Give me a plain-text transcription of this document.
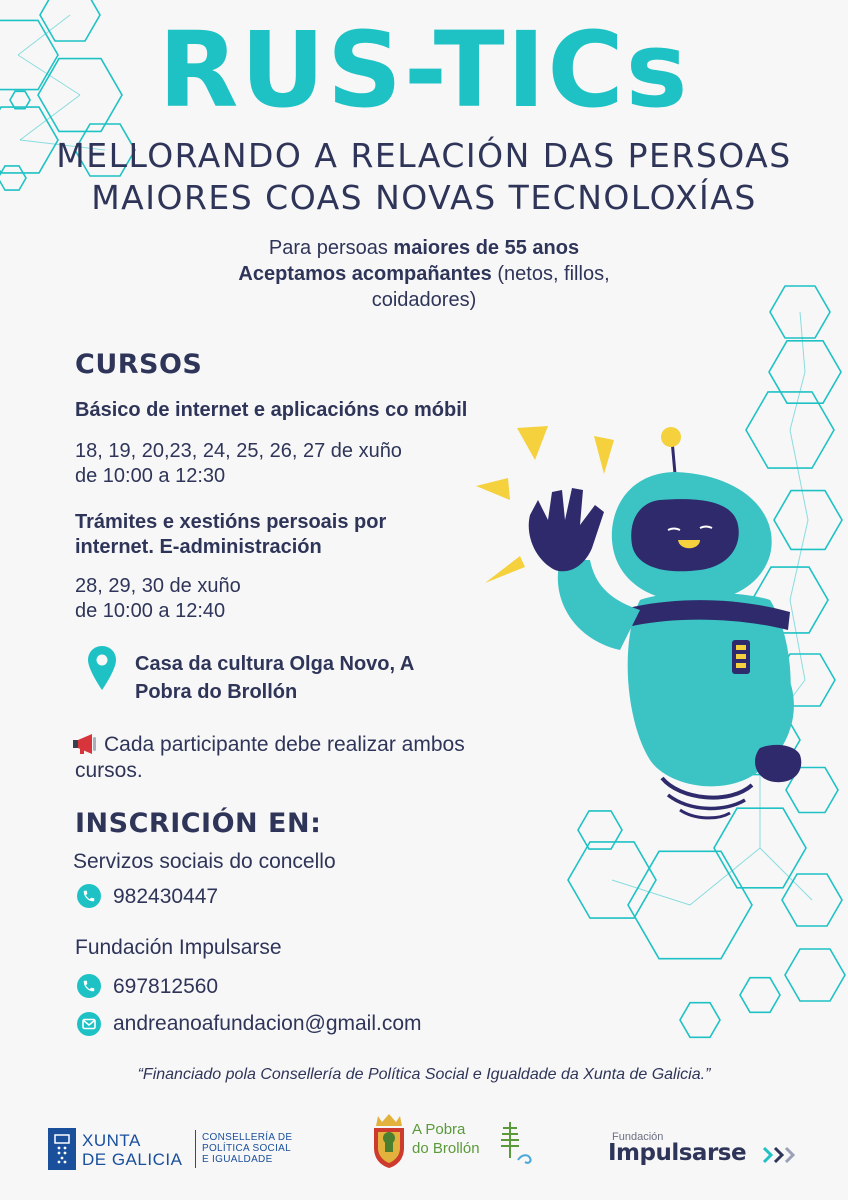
RUS-TICs
MELLORANDO A RELACIÓN DAS PERSOAS
MAIORES COAS NOVAS TECNOLOXÍAS
Para persoas maiores de 55 anos
Aceptamos acompañantes (netos, fillos,
coidadores)
CURSOS
Básico de internet e aplicacións co móbil
18, 19, 20,23, 24, 25, 26, 27 de xuño
de 10:00 a 12:30
Trámites e xestións persoais por
internet. E-administración
28, 29, 30 de xuño
de 10:00 a 12:40
Casa da cultura Olga Novo, A
Pobra do Brollón
Cada participante debe realizar ambos
cursos.
INSCRICIÓN EN:
Servizos sociais do concello
982430447
Fundación Impulsarse
697812560
andreanoafundacion@gmail.com
“Financiado pola Consellería de Política Social e Igualdade da Xunta de Galicia.”
XUNTA
DE GALICIA
CONSELLERÍA DE
POLÍTICA SOCIAL
E IGUALDADE
A Pobra
do Brollón
Fundación
Impulsarse
